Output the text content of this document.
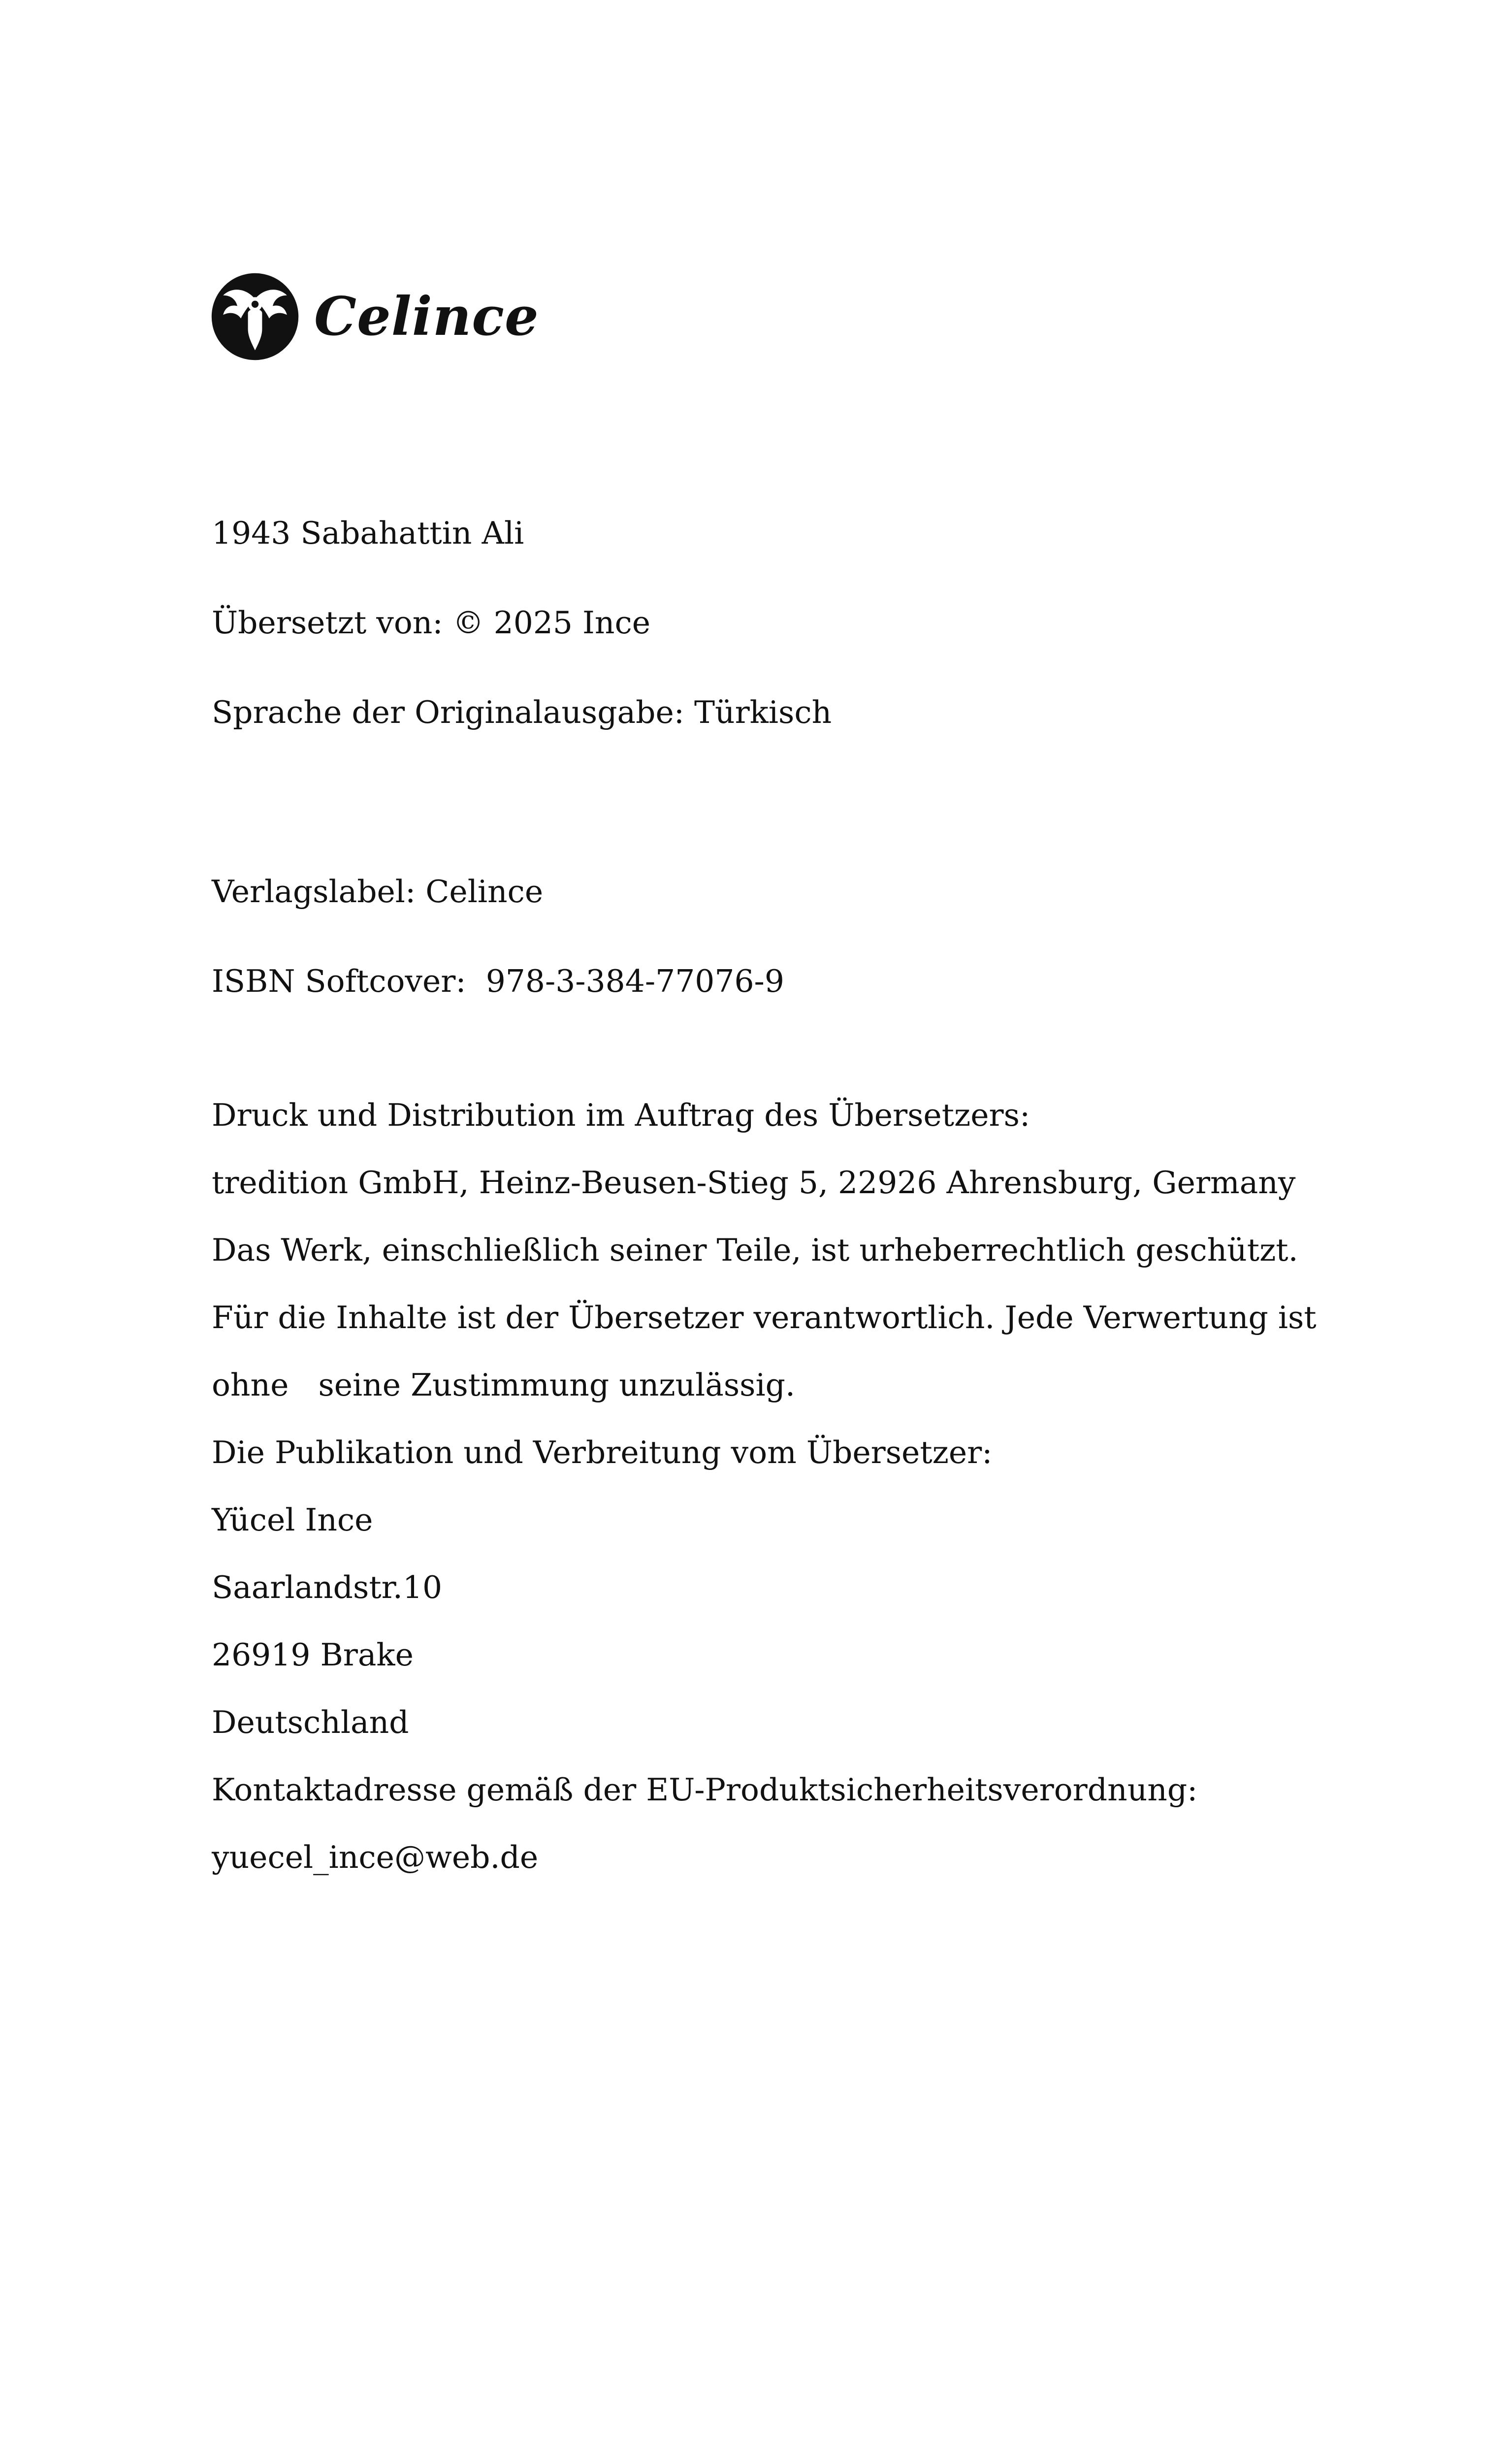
Celince

1943 Sabahattin Ali

Übersetzt von: © 2025 Ince

Sprache der Originalausgabe: Türkisch

Verlagslabel: Celince

ISBN Softcover:  978-3-384-77076-9

Druck und Distribution im Auftrag des Übersetzers:

tredition GmbH, Heinz-Beusen-Stieg 5, 22926 Ahrensburg, Germany

Das Werk, einschließlich seiner Teile, ist urheberrechtlich geschützt.

Für die Inhalte ist der Übersetzer verantwortlich. Jede Verwertung ist

ohne   seine Zustimmung unzulässig.

Die Publikation und Verbreitung vom Übersetzer:

Yücel Ince

Saarlandstr.10

26919 Brake

Deutschland

Kontaktadresse gemäß der EU-Produktsicherheitsverordnung:

yuecel_ince@web.de
